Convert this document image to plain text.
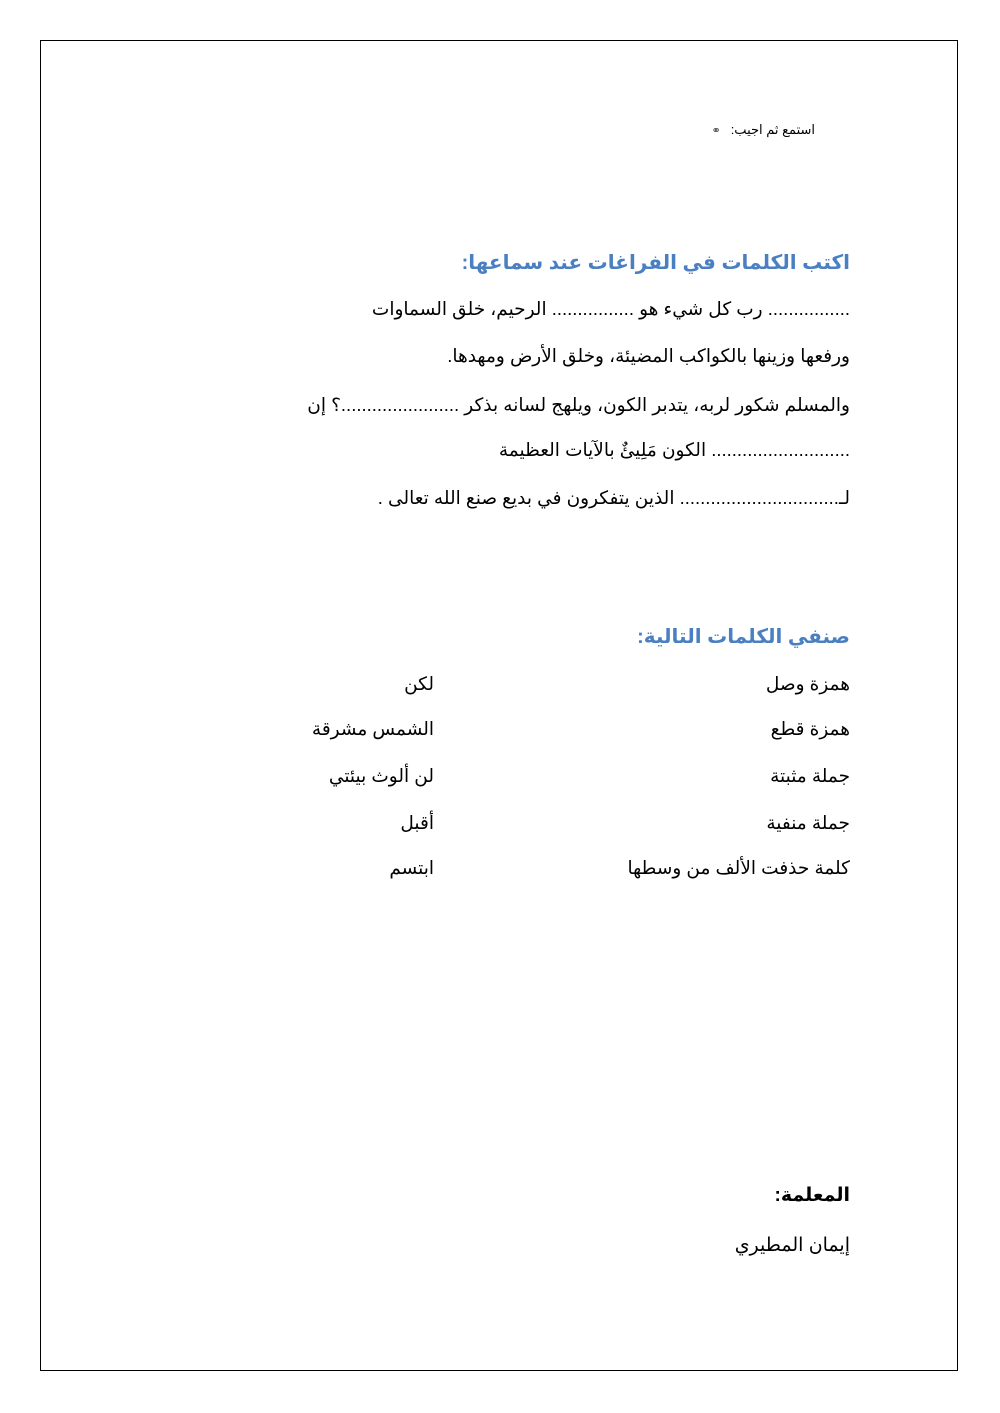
استمع ثم اجيب:
⚭
اكتب الكلمات في الفراغات عند سماعها:
................ رب كل شيء هو ................ الرحيم، خلق السماوات
ورفعها وزينها بالكواكب المضيئة، وخلق الأرض ومهدها.
والمسلم شكور لربه، يتدبر الكون، ويلهج لسانه بذكر .......................؟ إن
........................... الكون مَلِيئٌ بالآيات العظيمة
لـ............................... الذين يتفكرون في بديع صنع الله تعالى .
صنفي الكلمات التالية:
همزة وصل
لكن
همزة قطع
الشمس مشرقة
جملة مثبتة
لن ألوث بيئتي
جملة منفية
أقبل
كلمة حذفت الألف من وسطها
ابتسم
المعلمة:
إيمان المطيري
